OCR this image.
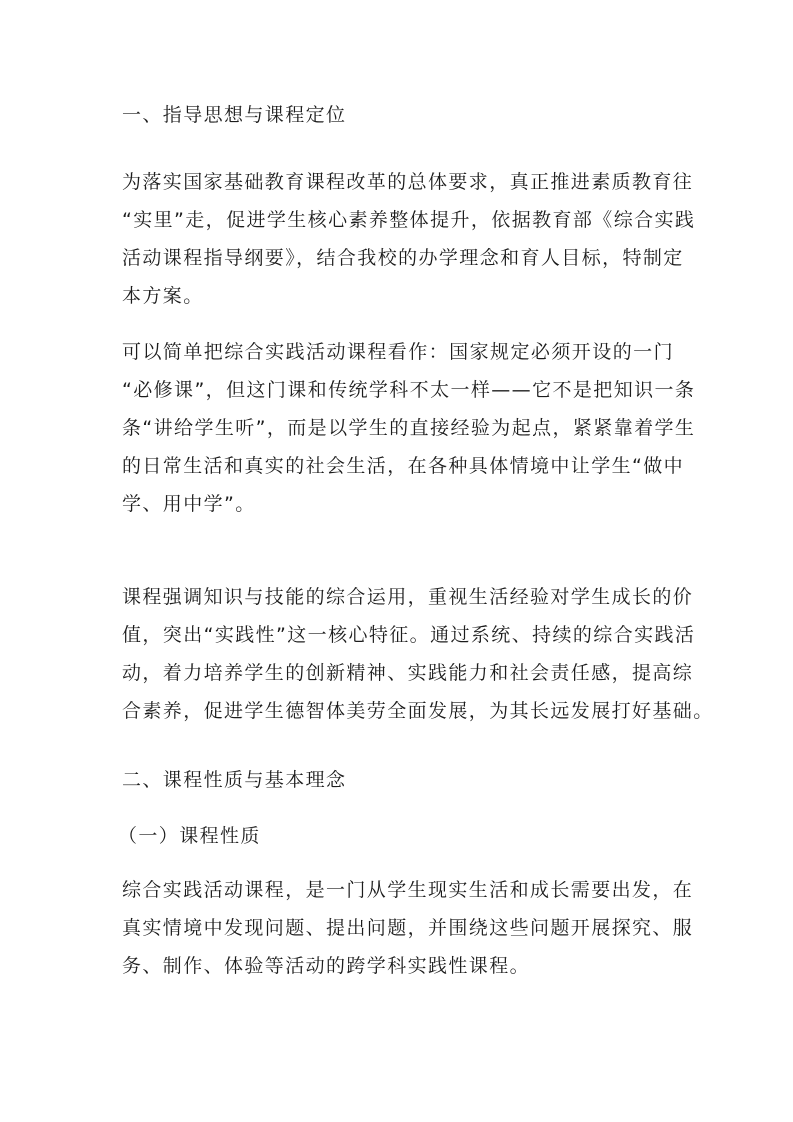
一、指导思想与课程定位
为落实国家基础教育课程改革的总体要求，真正推进素质教育往
“实里”走，促进学生核心素养整体提升，依据教育部《综合实践
活动课程指导纲要》，结合我校的办学理念和育人目标，特制定
本方案。
可以简单把综合实践活动课程看作：国家规定必须开设的一门
“必修课”，但这门课和传统学科不太一样——它不是把知识一条
条“讲给学生听”，而是以学生的直接经验为起点，紧紧靠着学生
的日常生活和真实的社会生活，在各种具体情境中让学生“做中
学、用中学”。
课程强调知识与技能的综合运用，重视生活经验对学生成长的价
值，突出“实践性”这一核心特征。通过系统、持续的综合实践活
动，着力培养学生的创新精神、实践能力和社会责任感，提高综
合素养，促进学生德智体美劳全面发展，为其长远发展打好基础。
二、课程性质与基本理念
（一）课程性质
综合实践活动课程，是一门从学生现实生活和成长需要出发，在
真实情境中发现问题、提出问题，并围绕这些问题开展探究、服
务、制作、体验等活动的跨学科实践性课程。
